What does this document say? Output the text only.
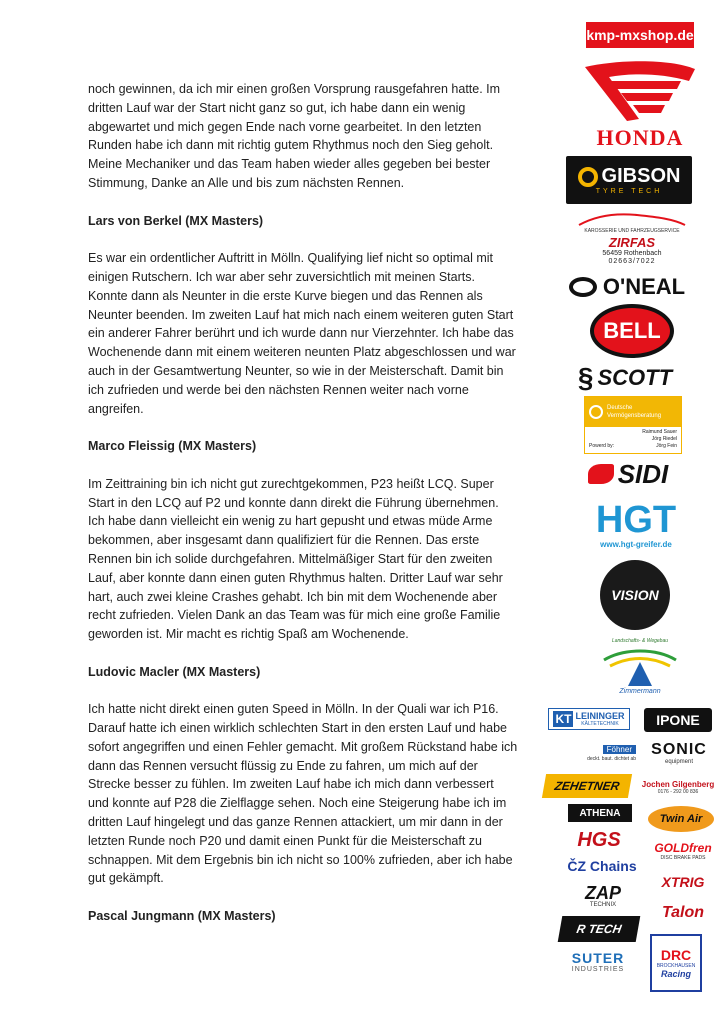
noch gewinnen, da ich mir einen großen Vorsprung rausgefahren hatte. Im dritten Lauf war der Start nicht ganz so gut, ich habe dann ein wenig abgewartet und mich gegen Ende nach vorne gearbeitet. In den letzten Runden habe ich dann mit richtig gutem Rhythmus noch den Sieg geholt. Meine Mechaniker und das Team haben wieder alles gegeben bei bester Stimmung, Danke an Alle und bis zum nächsten Rennen.

Lars von Berkel (MX Masters)

Es war ein ordentlicher Auftritt in Mölln. Qualifying lief nicht so optimal mit einigen Rutschern. Ich war aber sehr zuversichtlich mit meinen Starts. Konnte dann als Neunter in die erste Kurve biegen und das Rennen als Neunter beenden. Im zweiten Lauf hat mich nach einem weiteren guten Start ein anderer Fahrer berührt und ich wurde dann nur Vierzehnter. Ich habe das Wochenende dann mit einem weiteren neunten Platz abgeschlossen und war auch in der Gesamtwertung Neunter, so wie in der Meisterschaft. Damit bin ich zufrieden und werde bei den nächsten Rennen weiter nach vorne angreifen.

Marco Fleissig (MX Masters)

Im Zeittraining bin ich nicht gut zurechtgekommen, P23 heißt LCQ. Super Start in den LCQ auf P2 und konnte dann direkt die Führung übernehmen. Ich habe dann vielleicht ein wenig zu hart gepusht und etwas müde Arme bekommen, aber insgesamt dann qualifiziert für die Rennen. Das erste Rennen bin ich solide durchgefahren. Mittelmäßiger Start für den zweiten Lauf, aber konnte dann einen guten Rhythmus halten. Dritter Lauf war sehr hart, auch zwei kleine Crashes gehabt. Ich bin mit dem Wochenende aber recht zufrieden. Vielen Dank an das Team was für mich eine große Familie geworden ist. Mir macht es richtig Spaß am Wochenende.

Ludovic Macler (MX Masters)

Ich hatte nicht direkt einen guten Speed in Mölln. In der Quali war ich P16. Darauf hatte ich einen wirklich schlechten Start in den ersten Lauf und habe sofort angegriffen und einen Fehler gemacht. Mit großem Rückstand habe ich dann das Rennen versucht flüssig zu Ende zu fahren, um mich auf der Strecke besser zu fühlen. Im zweiten Lauf habe ich mich dann verbessert und konnte auf P28 die Zielflagge sehen. Noch eine Steigerung habe ich im dritten Lauf hingelegt und das ganze Rennen attackiert, um mir dann in der letzten Runde noch P20 und damit einen Punkt für die Meisterschaft zu schnappen. Mit dem Ergebnis bin ich nicht so 100% zufrieden, aber ich habe gut gekämpft.

Pascal Jungmann (MX Masters)

kmp-mxshop.de
HONDA
GIBSON
TYRE TECH
KAROSSERIE UND FAHRZEUGSERVICE
ZIRFAS
56459 Rothenbach
02663/7022
O'NEAL
BELL
§ SCOTT
Deutsche
Vermögensberatung
Raimund Sauer
Jörg Riedel
Powerd by:	Jörg Fein
SIDI
HGT
www.hgt-greifer.de
VISION
Landschafts- & Wegebau
Zimmermann
KT LEININGER
KÄLTETECHNIK	IPONE
Föhner
deckt. baut. dichtet ab
SONIC
equipment
ZEHETNER	Jochen Gilgenberg
0176 - 292 00 836
ATHENA	Twin Air
HGS	GOLDfren
DISC BRAKE PADS
ČZ Chains
XTRIG
ZAP
TECHNIX	Talon
R TECH
DRC
BROCKHAUSEN
Racing
SUTER
INDUSTRIES
